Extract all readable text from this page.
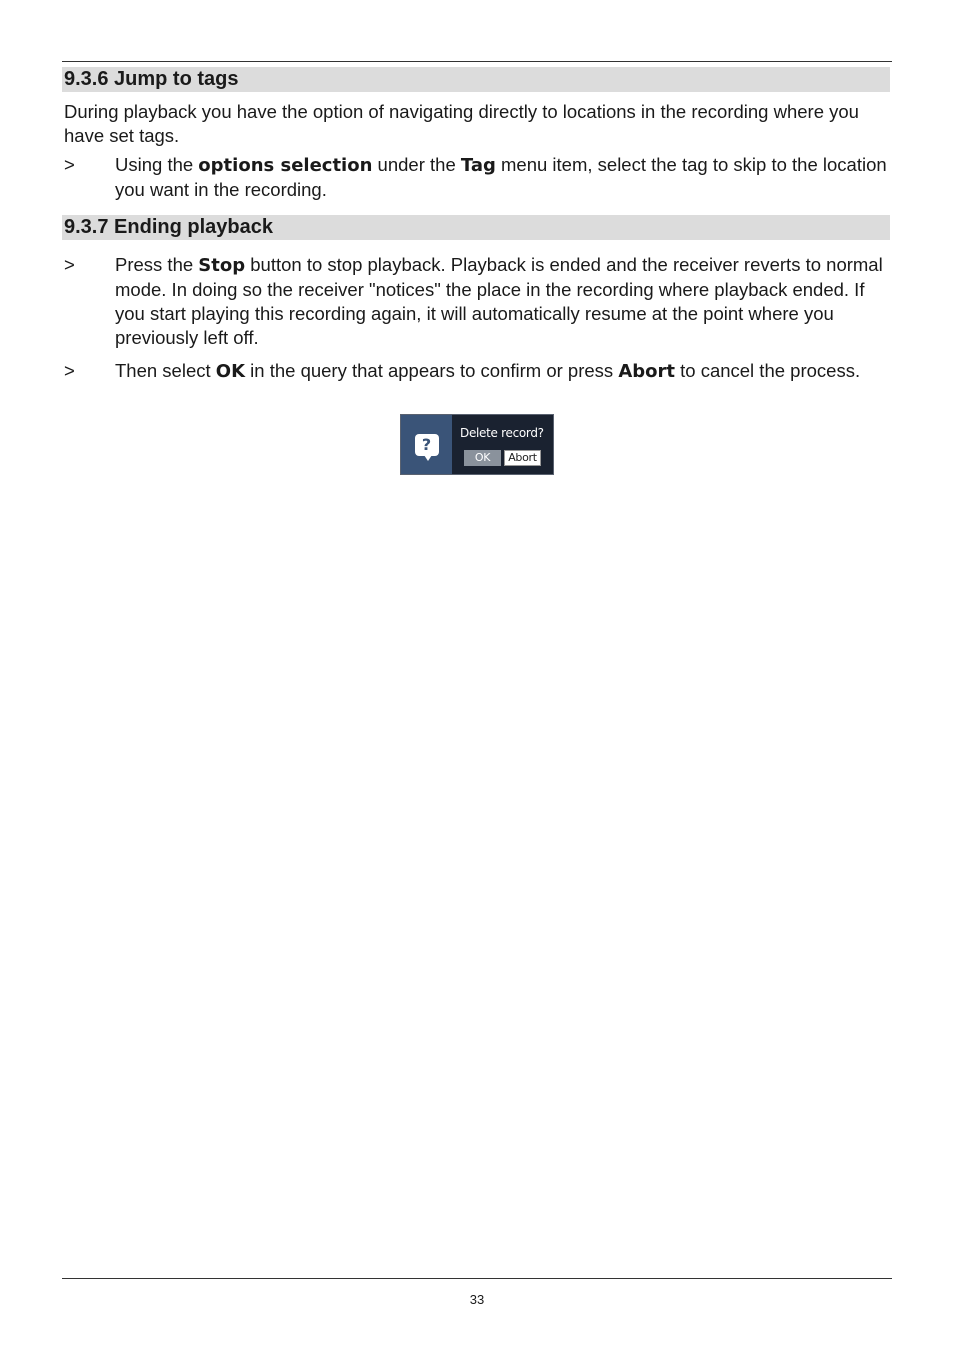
9.3.6 Jump to tags
During playback you have the option of navigating directly to locations in the recording where you have set tags.
> Using the options selection under the Tag menu item, select the tag to skip to the location you want in the recording.
9.3.7 Ending playback
> Press the Stop button to stop playback. Playback is ended and the receiver reverts to normal mode. In doing so the receiver "notices" the place in the recording where playback ended. If you start playing this recording again, it will automatically resume at the point where you previously left off.
> Then select OK in the query that appears to confirm or press Abort to cancel the process.
?
Delete record?
OK	Abort
33
